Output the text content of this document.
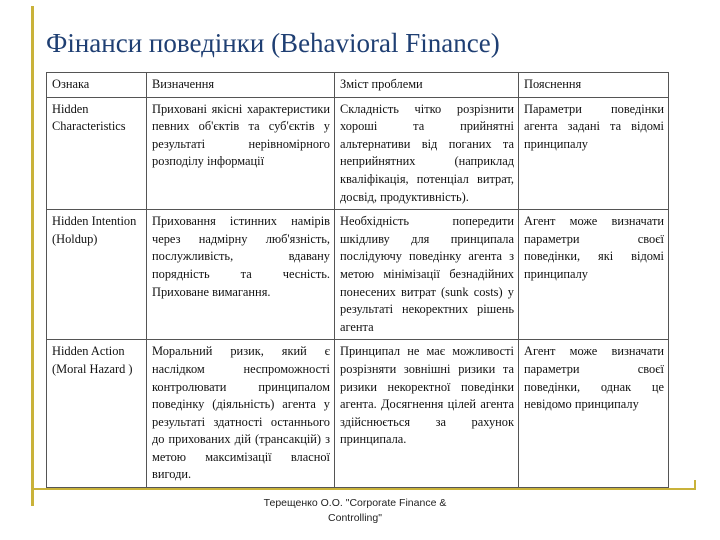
Фінанси поведінки (Behavioral Finance)
Ознака	Визначення	Зміст проблеми	Пояснення
Hidden Characteristics	Приховані якісні характеристики певних об'єктів та суб'єктів у результаті нерівномірного розподілу інформації	Складність чітко розрізнити хороші та прийнятні альтернативи від поганих та неприйнятних (наприклад кваліфікація, потенціал витрат, досвід, продуктивність).	Параметри поведінки агента задані та відомі принципалу
Hidden Intention (Holdup)	Приховання істинних намірів через надмірну люб'язність, послужливість, вдавану порядність та чесність. Приховане вимагання.	Необхідність попередити шкідливу для принципала послідуючу поведінку агента з метою мінімізації безнадійних понесених витрат (sunk costs) у результаті некоректних рішень агента	Агент може визначати параметри своєї поведінки, які відомі принципалу
Hidden Action (Moral Hazard )	Моральний ризик, який є наслідком неспроможності контролювати принципалом поведінку (діяльність) агента у результаті здатності останнього до прихованих дій (трансакцій) з метою максимізації власної вигоди.	Принципал не має можливості розрізняти зовнішні ризики та ризики некоректної поведінки агента. Досягнення цілей агента здійснюється за рахунок принципала.	Агент може визначати параметри своєї поведінки, однак це невідомо принципалу
Терещенко О.О. "Corporate Finance & Controlling"
